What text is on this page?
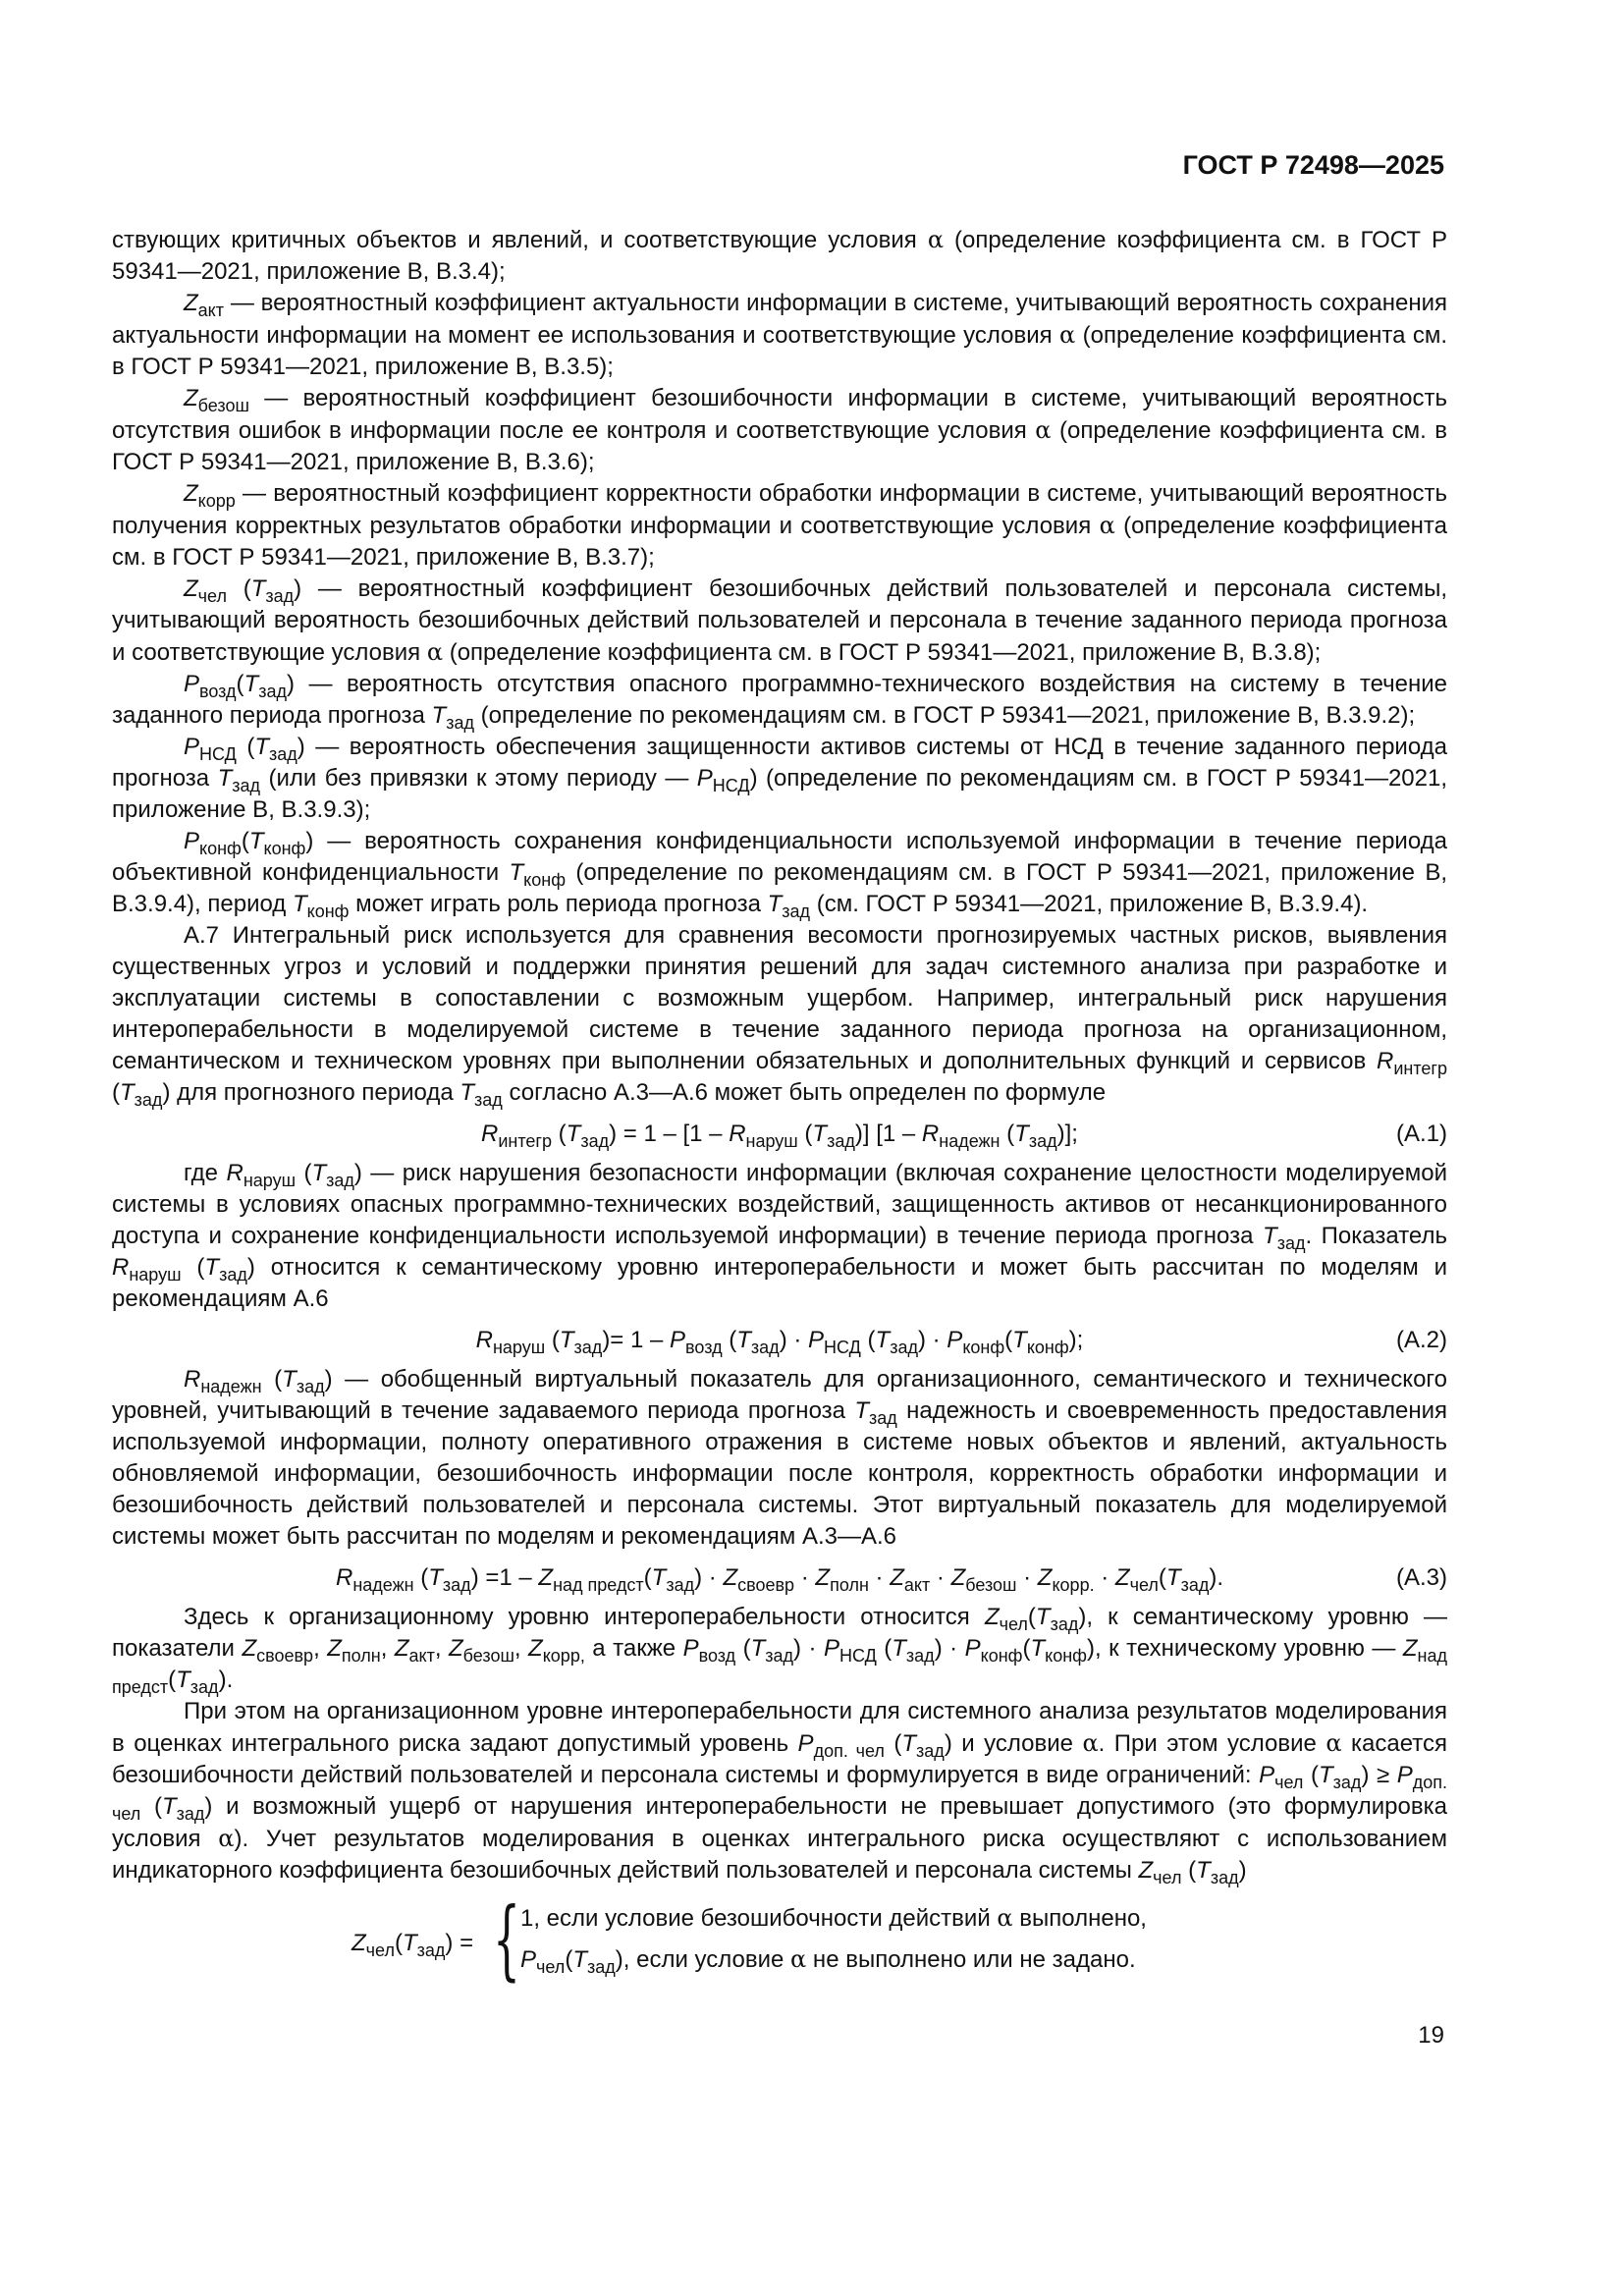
ГОСТ Р 72498—2025

ствующих критичных объектов и явлений, и соответствующие условия α (определение коэффициента см. в ГОСТ Р 59341—2021, приложение В, В.3.4);

$Z_{акт}$ — вероятностный коэффициент актуальности информации в системе, учитывающий вероятность сохранения актуальности информации на момент ее использования и соответствующие условия α (определение коэффициента см. в ГОСТ Р 59341—2021, приложение В, В.3.5);

$Z_{безош}$ — вероятностный коэффициент безошибочности информации в системе, учитывающий вероятность отсутствия ошибок в информации после ее контроля и соответствующие условия α (определение коэффициента см. в ГОСТ Р 59341—2021, приложение В, В.3.6);

$Z_{корр}$ — вероятностный коэффициент корректности обработки информации в системе, учитывающий вероятность получения корректных результатов обработки информации и соответствующие условия α (определение коэффициента см. в ГОСТ Р 59341—2021, приложение В, В.3.7);

$Z_{чел}$ $(T_{зад})$ — вероятностный коэффициент безошибочных действий пользователей и персонала системы, учитывающий вероятность безошибочных действий пользователей и персонала в течение заданного периода прогноза и соответствующие условия α (определение коэффициента см. в ГОСТ Р 59341—2021, приложение В, В.3.8);

$P_{возд}(T_{зад})$ — вероятность отсутствия опасного программно-технического воздействия на систему в течение заданного периода прогноза $T_{зад}$ (определение по рекомендациям см. в ГОСТ Р 59341—2021, приложение В, В.3.9.2);

$P_{НСД}$ $(T_{зад})$ — вероятность обеспечения защищенности активов системы от НСД в течение заданного периода прогноза $T_{зад}$ (или без привязки к этому периоду — $P_{НСД}$) (определение по рекомендациям см. в ГОСТ Р 59341—2021, приложение В, В.3.9.3);

$P_{конф}(T_{конф})$ — вероятность сохранения конфиденциальности используемой информации в течение периода объективной конфиденциальности $T_{конф}$ (определение по рекомендациям см. в ГОСТ Р 59341—2021, приложение В, В.3.9.4), период $T_{конф}$ может играть роль периода прогноза $T_{зад}$ (см. ГОСТ Р 59341—2021, приложение В, В.3.9.4).

А.7 Интегральный риск используется для сравнения весомости прогнозируемых частных рисков, выявления существенных угроз и условий и поддержки принятия решений для задач системного анализа при разработке и эксплуатации системы в сопоставлении с возможным ущербом. Например, интегральный риск нарушения интероперабельности в моделируемой системе в течение заданного периода прогноза на организационном, семантическом и техническом уровнях при выполнении обязательных и дополнительных функций и сервисов $R_{интегр}$ $(T_{зад})$ для прогнозного периода $T_{зад}$ согласно А.3—А.6 может быть определен по формуле

$R_{интегр}$ $(T_{зад}) = 1 - [1 - R_{наруш}$ $(T_{зад})$] [$1 - R_{надежн}$ $(T_{зад})$];	(А.1)

где $R_{наруш}$ $(T_{зад})$ — риск нарушения безопасности информации (включая сохранение целостности моделируемой системы в условиях опасных программно-технических воздействий, защищенность активов от несанкционированного доступа и сохранение конфиденциальности используемой информации) в течение периода прогноза $T_{зад}$. Показатель $R_{наруш}$ $(T_{зад})$ относится к семантическому уровню интероперабельности и может быть рассчитан по моделям и рекомендациям А.6

$R_{наруш}$ $(T_{зад})= 1 - P_{возд}$ $(T_{зад}) \cdot P_{НСД}$ $(T_{зад}) \cdot P_{конф}(T_{конф})$;	(А.2)

$R_{надежн}$ $(T_{зад})$ — обобщенный виртуальный показатель для организационного, семантического и технического уровней, учитывающий в течение задаваемого периода прогноза $T_{зад}$ надежность и своевременность предоставления используемой информации, полноту оперативного отражения в системе новых объектов и явлений, актуальность обновляемой информации, безошибочность информации после контроля, корректность обработки информации и безошибочность действий пользователей и персонала системы. Этот виртуальный показатель для моделируемой системы может быть рассчитан по моделям и рекомендациям А.3—А.6

$R_{надежн}$ $(T_{зад}) =1 - Z_{над предст}(T_{зад}) \cdot Z_{своевр} \cdot Z_{полн} \cdot Z_{акт} \cdot Z_{безош} \cdot Z_{корр.} \cdot Z_{чел}(T_{зад})$.	(А.3)

Здесь к организационному уровню интероперабельности относится $Z_{чел}(T_{зад})$, к семантическому уровню — показатели $Z_{своевр}$, $Z_{полн}$, $Z_{акт}$, $Z_{безош}$, $Z_{корр,}$ а также $P_{возд}$ $(T_{зад}) \cdot P_{НСД}$ $(T_{зад}) \cdot P_{конф}(T_{конф})$, к техническому уровню — $Z_{над предст}(T_{зад})$.

При этом на организационном уровне интероперабельности для системного анализа результатов моделирования в оценках интегрального риска задают допустимый уровень $P_{доп. чел}$ $(T_{зад})$ и условие α. При этом условие α касается безошибочности действий пользователей и персонала системы и формулируется в виде ограничений: $P_{чел}$ $(T_{зад}) \ge P_{доп. чел}$ $(T_{зад})$ и возможный ущерб от нарушения интероперабельности не превышает допустимого (это формулировка условия α). Учет результатов моделирования в оценках интегрального риска осуществляют с использованием индикаторного коэффициента безошибочных действий пользователей и персонала системы $Z_{чел}$ $(T_{зад})$

$Z_{чел}(T_{зад})$ = { 1, если условие безошибочности действий α выполнено,
$P_{чел}(T_{зад})$, если условие α не выполнено или не задано.
19
